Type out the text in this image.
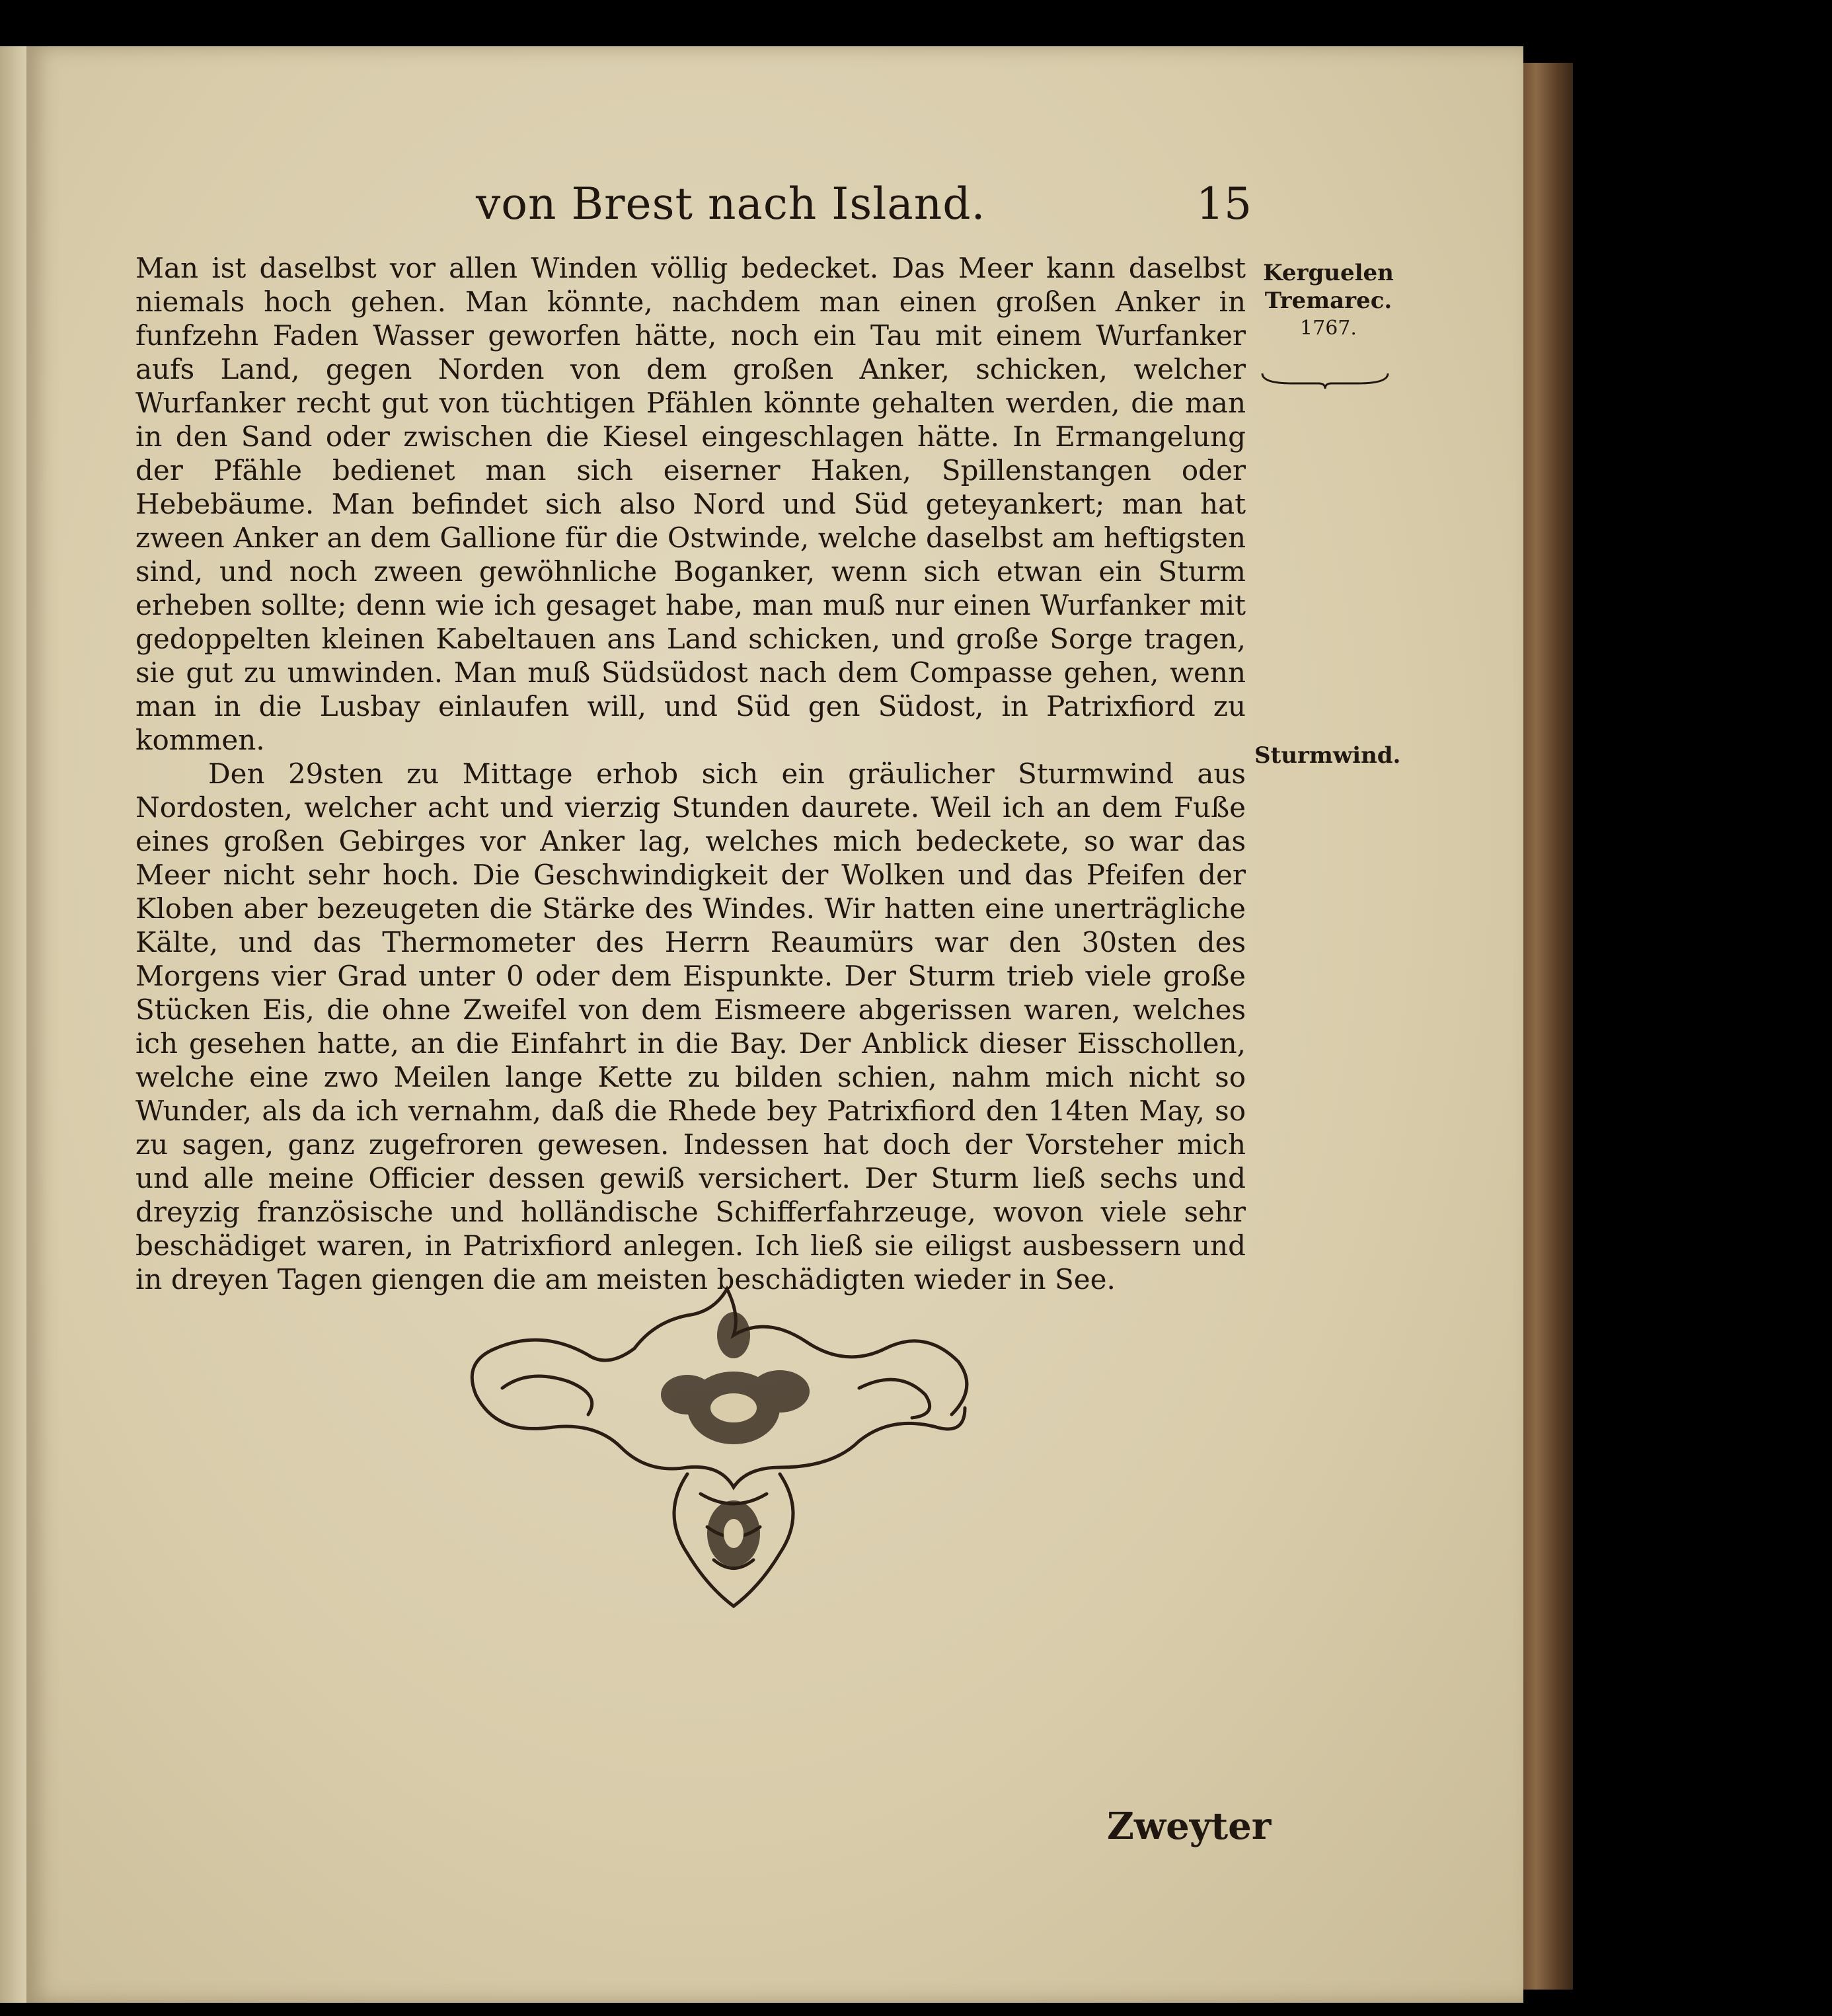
von Brest nach Island.	15

Man ist daselbst vor allen Winden völlig bedecket. Das Meer kann daselbst niemals hoch gehen. Man könnte, nachdem man einen großen Anker in funfzehn Faden Wasser geworfen hätte, noch ein Tau mit einem Wurfanker aufs Land, gegen Norden von dem großen Anker, schicken, welcher Wurfanker recht gut von tüchtigen Pfählen könnte gehalten werden, die man in den Sand oder zwischen die Kiesel eingeschlagen hätte. In Ermangelung der Pfähle bedienet man sich eiserner Haken, Spillenstangen oder Hebebäume. Man befindet sich also Nord und Süd geteyankert; man hat zween Anker an dem Gallione für die Ostwinde, welche daselbst am heftigsten sind, und noch zween gewöhnliche Boganker, wenn sich etwan ein Sturm erheben sollte; denn wie ich gesaget habe, man muß nur einen Wurfanker mit gedoppelten kleinen Kabeltauen ans Land schicken, und große Sorge tragen, sie gut zu umwinden. Man muß Südsüdost nach dem Compasse gehen, wenn man in die Lusbay einlaufen will, und Süd gen Südost, in Patrixfiord zu kommen.

Den 29sten zu Mittage erhob sich ein gräulicher Sturmwind aus Nordosten, welcher acht und vierzig Stunden daurete. Weil ich an dem Fuße eines großen Gebirges vor Anker lag, welches mich bedeckete, so war das Meer nicht sehr hoch. Die Geschwindigkeit der Wolken und das Pfeifen der Kloben aber bezeugeten die Stärke des Windes. Wir hatten eine unerträgliche Kälte, und das Thermometer des Herrn Reaumürs war den 30sten des Morgens vier Grad unter 0 oder dem Eispunkte. Der Sturm trieb viele große Stücken Eis, die ohne Zweifel von dem Eismeere abgerissen waren, welches ich gesehen hatte, an die Einfahrt in die Bay. Der Anblick dieser Eisschollen, welche eine zwo Meilen lange Kette zu bilden schien, nahm mich nicht so Wunder, als da ich vernahm, daß die Rhede bey Patrixfiord den 14ten May, so zu sagen, ganz zugefroren gewesen. Indessen hat doch der Vorsteher mich und alle meine Officier dessen gewiß versichert. Der Sturm ließ sechs und dreyzig französische und holländische Schifferfahrzeuge, wovon viele sehr beschädiget waren, in Patrixfiord anlegen. Ich ließ sie eiligst ausbessern und in dreyen Tagen giengen die am meisten beschädigten wieder in See.

Kerguelen
Tremarec.
1767.
Sturmwind.
Zweyter
